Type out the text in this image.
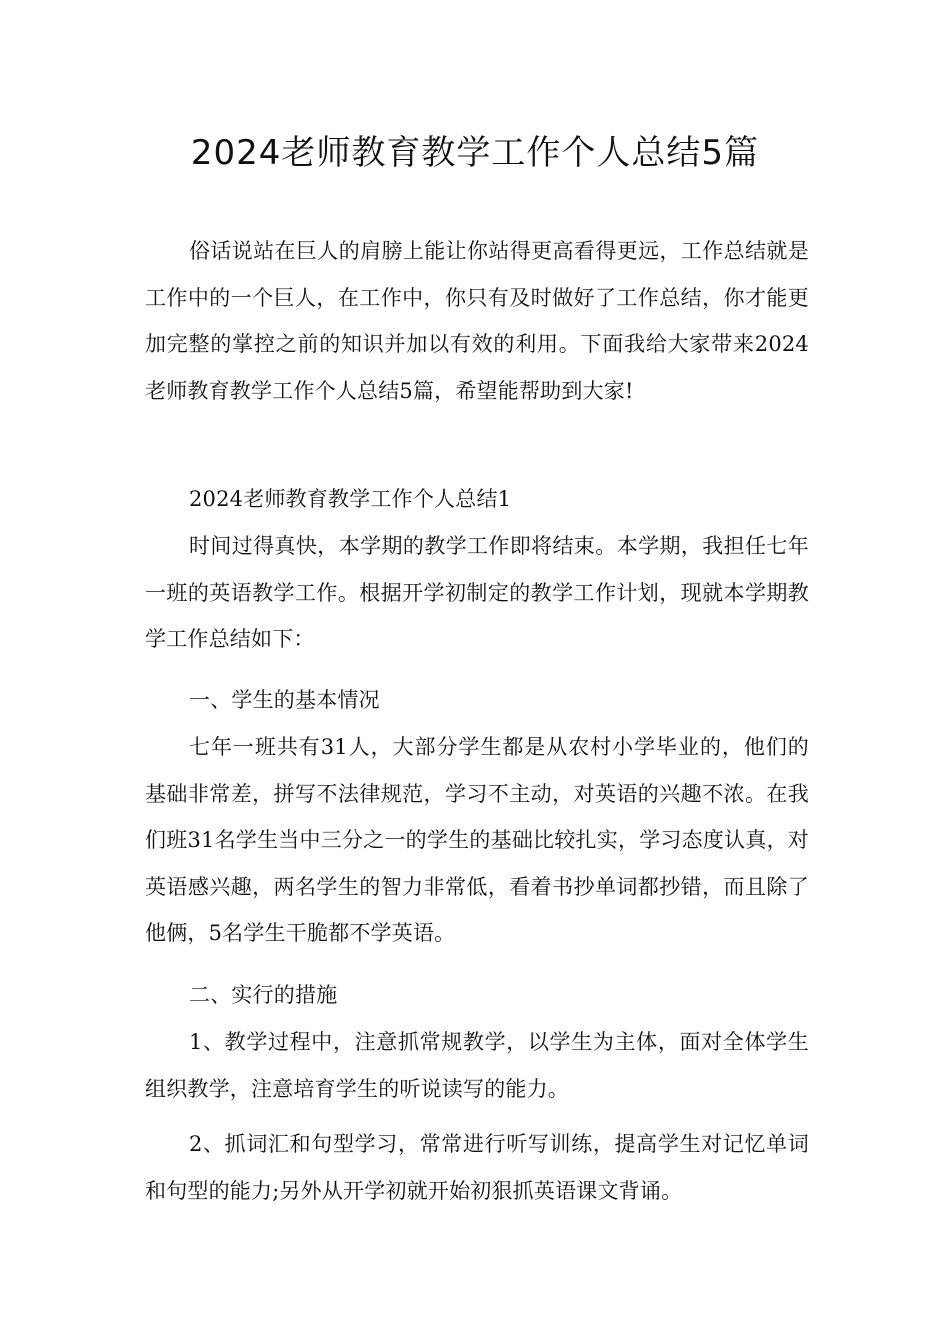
2024老师教育教学工作个人总结5篇

俗话说站在巨人的肩膀上能让你站得更高看得更远，工作总结就是工作中的一个巨人，在工作中，你只有及时做好了工作总结，你才能更加完整的掌控之前的知识并加以有效的利用。下面我给大家带来2024老师教育教学工作个人总结5篇，希望能帮助到大家!

2024老师教育教学工作个人总结1

时间过得真快，本学期的教学工作即将结束。本学期，我担任七年一班的英语教学工作。根据开学初制定的教学工作计划，现就本学期教学工作总结如下：

一、学生的基本情况

七年一班共有31人，大部分学生都是从农村小学毕业的，他们的基础非常差，拼写不法律规范，学习不主动，对英语的兴趣不浓。在我们班31名学生当中三分之一的学生的基础比较扎实，学习态度认真，对英语感兴趣，两名学生的智力非常低，看着书抄单词都抄错，而且除了他俩，5名学生干脆都不学英语。

二、实行的措施

1、教学过程中，注意抓常规教学，以学生为主体，面对全体学生组织教学，注意培育学生的听说读写的能力。

2、抓词汇和句型学习，常常进行听写训练，提高学生对记忆单词和句型的能力;另外从开学初就开始初狠抓英语课文背诵。
